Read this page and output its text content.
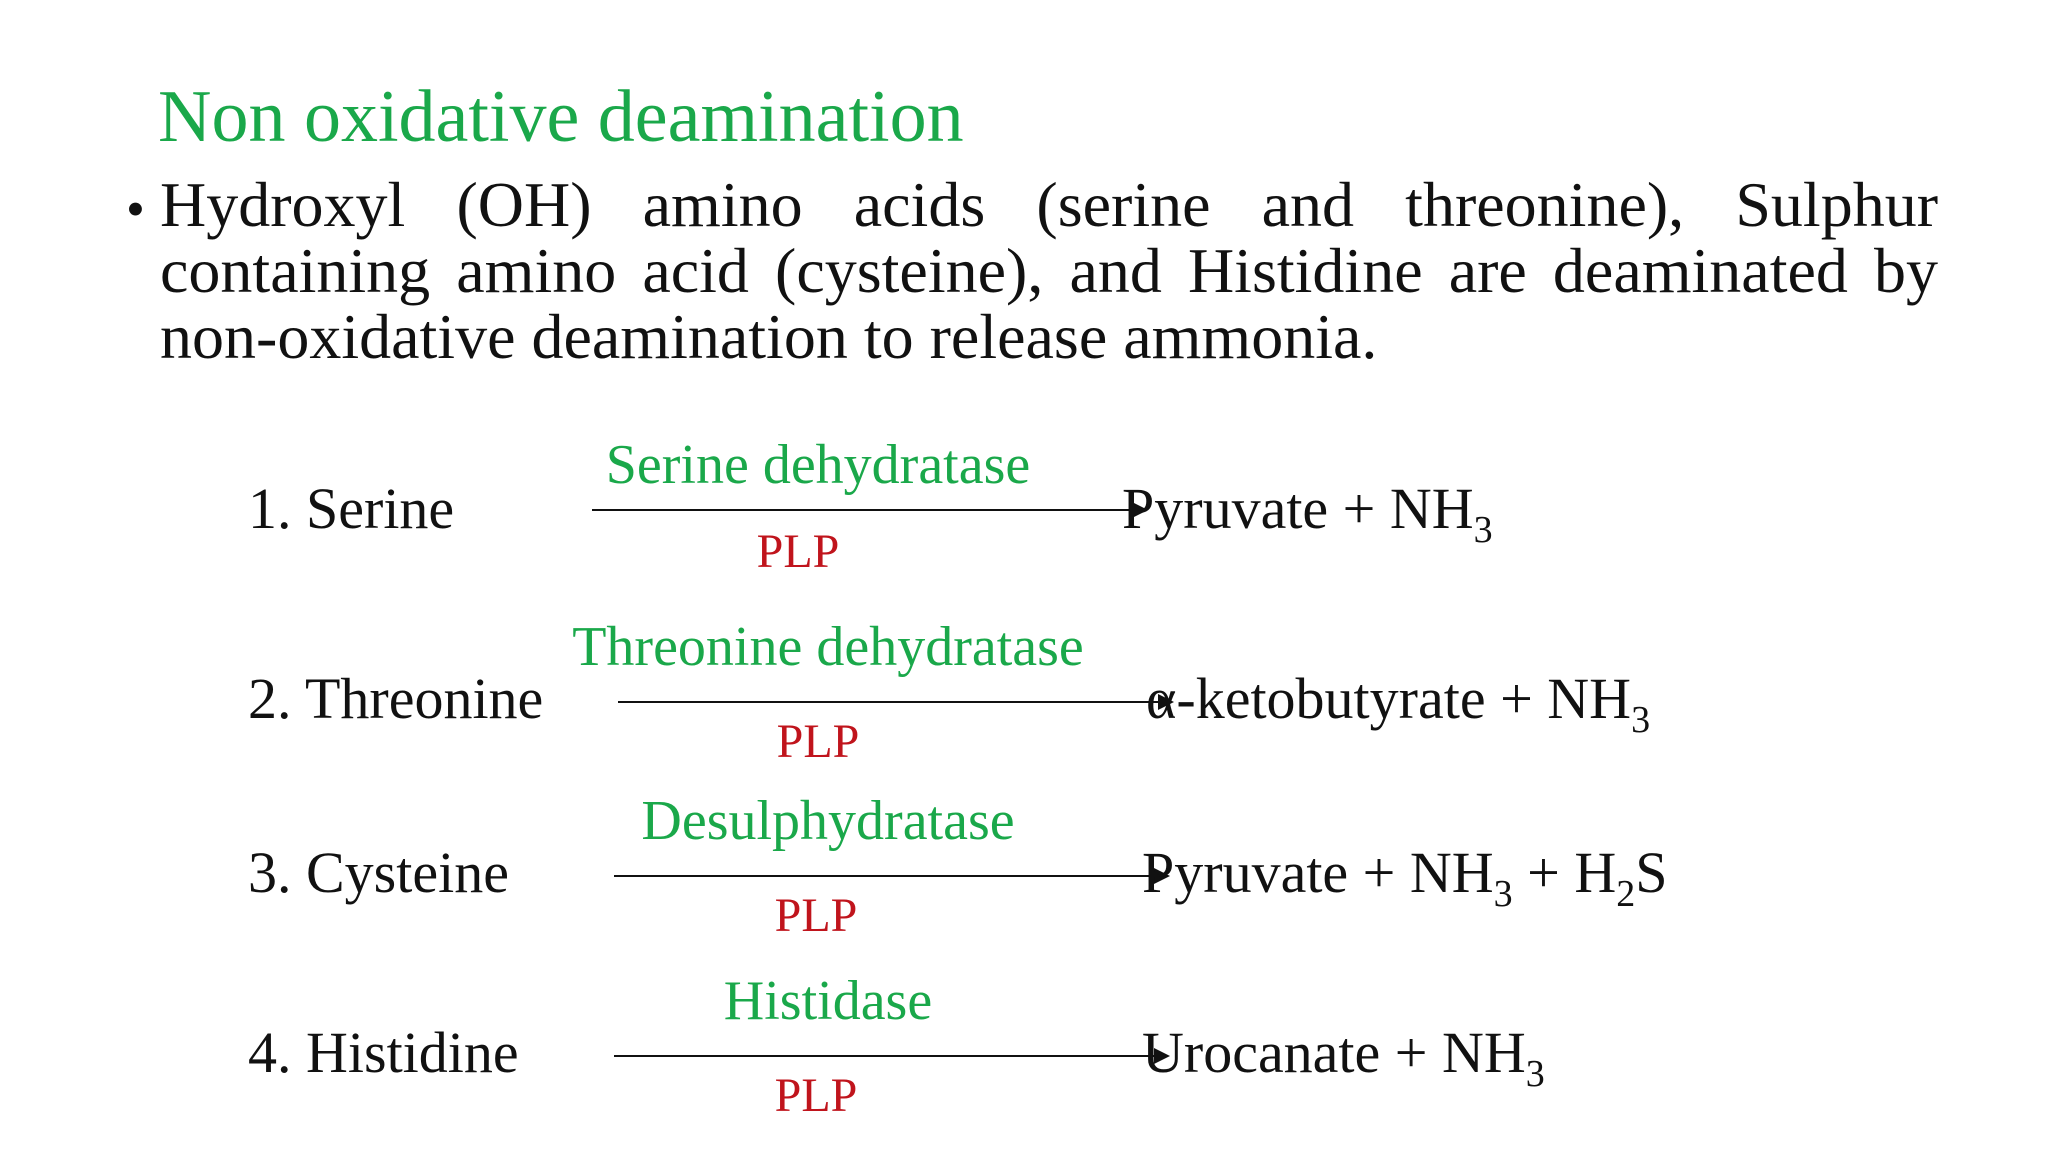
Non oxidative deamination
• Hydroxyl (OH) amino acids (serine and threonine), Sulphur containing amino acid (cysteine), and Histidine are deaminated by non-oxidative deamination to release ammonia.
1. Serine
Serine dehydratase
PLP
Pyruvate + $NH_3$
2. Threonine
Threonine dehydratase
PLP
α-ketobutyrate + $NH_3$
3. Cysteine
Desulphydratase
PLP
Pyruvate + $NH_3 + H_2S$
4. Histidine
Histidase
PLP
Urocanate + $NH_3$
